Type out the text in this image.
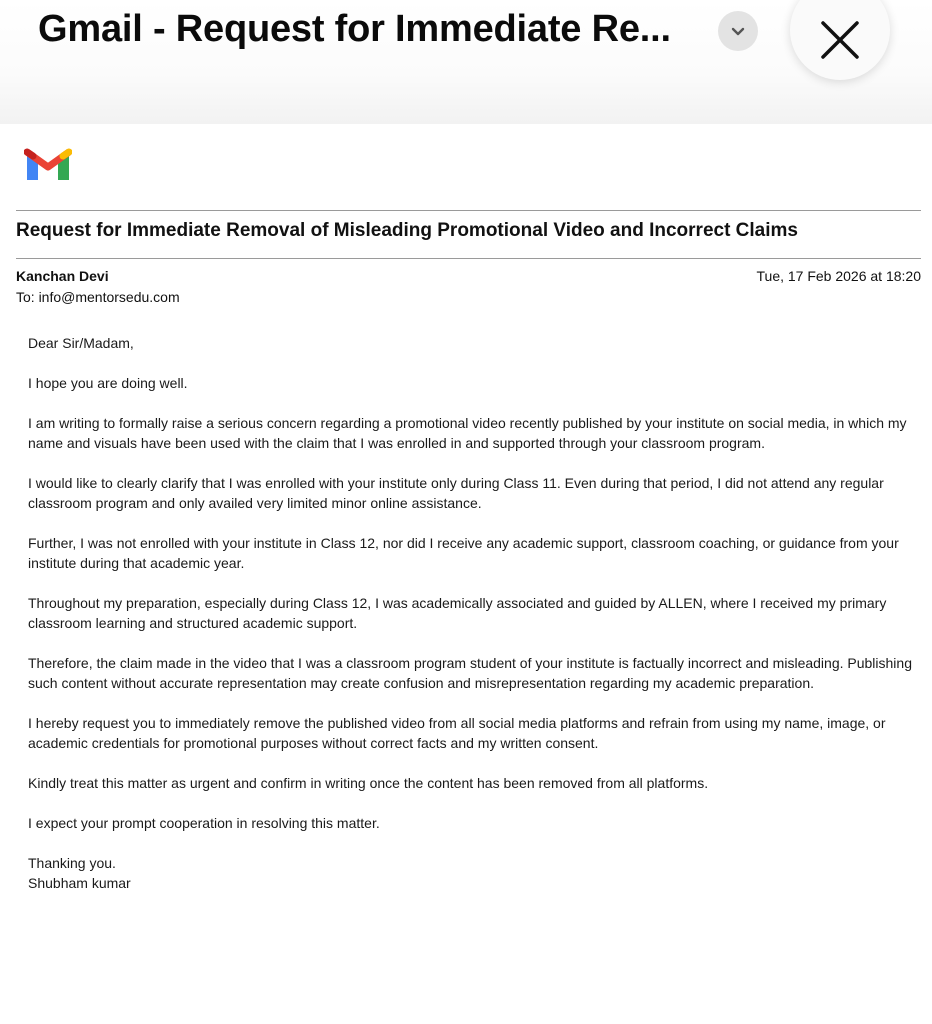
Gmail - Request for Immediate Re...
Request for Immediate Removal of Misleading Promotional Video and Incorrect Claims
Kanchan Devi
To: info@mentorsedu.com
Tue, 17 Feb 2026 at 18:20

Dear Sir/Madam,

I hope you are doing well.

I am writing to formally raise a serious concern regarding a promotional video recently published by your institute on social media, in which my name and visuals have been used with the claim that I was enrolled in and supported through your classroom program.

I would like to clearly clarify that I was enrolled with your institute only during Class 11. Even during that period, I did not attend any regular classroom program and only availed very limited minor online assistance.

Further, I was not enrolled with your institute in Class 12, nor did I receive any academic support, classroom coaching, or guidance from your institute during that academic year.

Throughout my preparation, especially during Class 12, I was academically associated and guided by ALLEN, where I received my primary classroom learning and structured academic support.

Therefore, the claim made in the video that I was a classroom program student of your institute is factually incorrect and misleading. Publishing such content without accurate representation may create confusion and misrepresentation regarding my academic preparation.

I hereby request you to immediately remove the published video from all social media platforms and refrain from using my name, image, or academic credentials for promotional purposes without correct facts and my written consent.

Kindly treat this matter as urgent and confirm in writing once the content has been removed from all platforms.

I expect your prompt cooperation in resolving this matter.

Thanking you.

Shubham kumar
